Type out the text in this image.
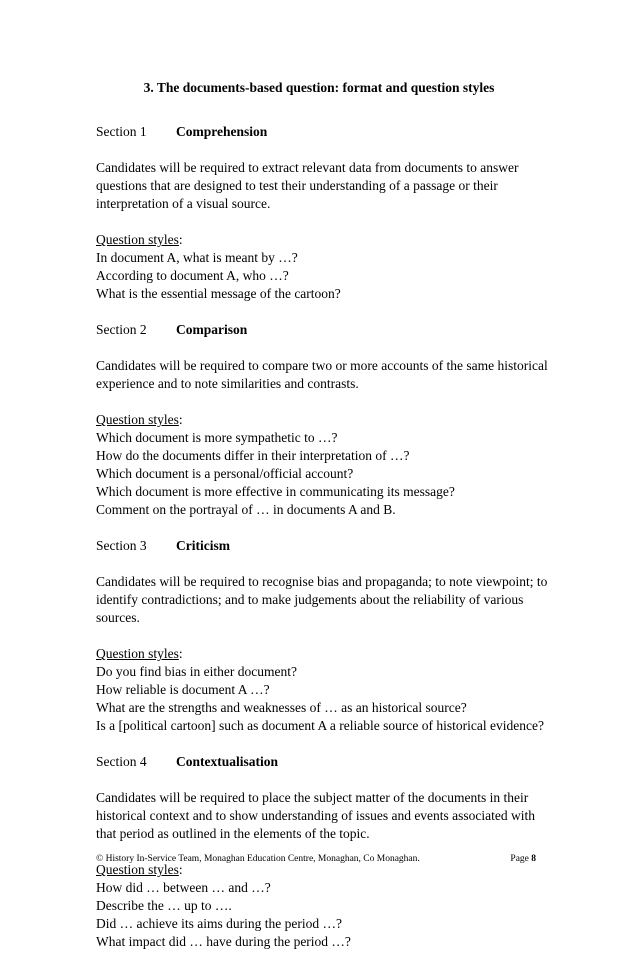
3. The documents-based question: format and question styles
Section 1	Comprehension

Candidates will be required to extract relevant data from documents to answer questions that are designed to test their understanding of a passage or their interpretation of a visual source.

Question styles:
In document A, what is meant by …?
According to document A, who …?
What is the essential message of the cartoon?
Section 2	Comparison

Candidates will be required to compare two or more accounts of the same historical experience and to note similarities and contrasts.

Question styles:
Which document is more sympathetic to …?
How do the documents differ in their interpretation of …?
Which document is a personal/official account?
Which document is more effective in communicating its message?
Comment on the portrayal of … in documents A and B.
Section 3	Criticism

Candidates will be required to recognise bias and propaganda; to note viewpoint; to identify contradictions; and to make judgements about the reliability of various sources.

Question styles:
Do you find bias in either document?
How reliable is document A …?
What are the strengths and weaknesses of … as an historical source?
Is a [political cartoon] such as document A a reliable source of historical evidence?
Section 4	Contextualisation

Candidates will be required to place the subject matter of the documents in their historical context and to show understanding of issues and events associated with that period as outlined in the elements of the topic.

Question styles:
How did … between … and …?
Describe the … up to ….
Did … achieve its aims during the period …?
What impact did … have during the period …?
© History In-Service Team, Monaghan Education Centre, Monaghan, Co Monaghan.	Page 8
